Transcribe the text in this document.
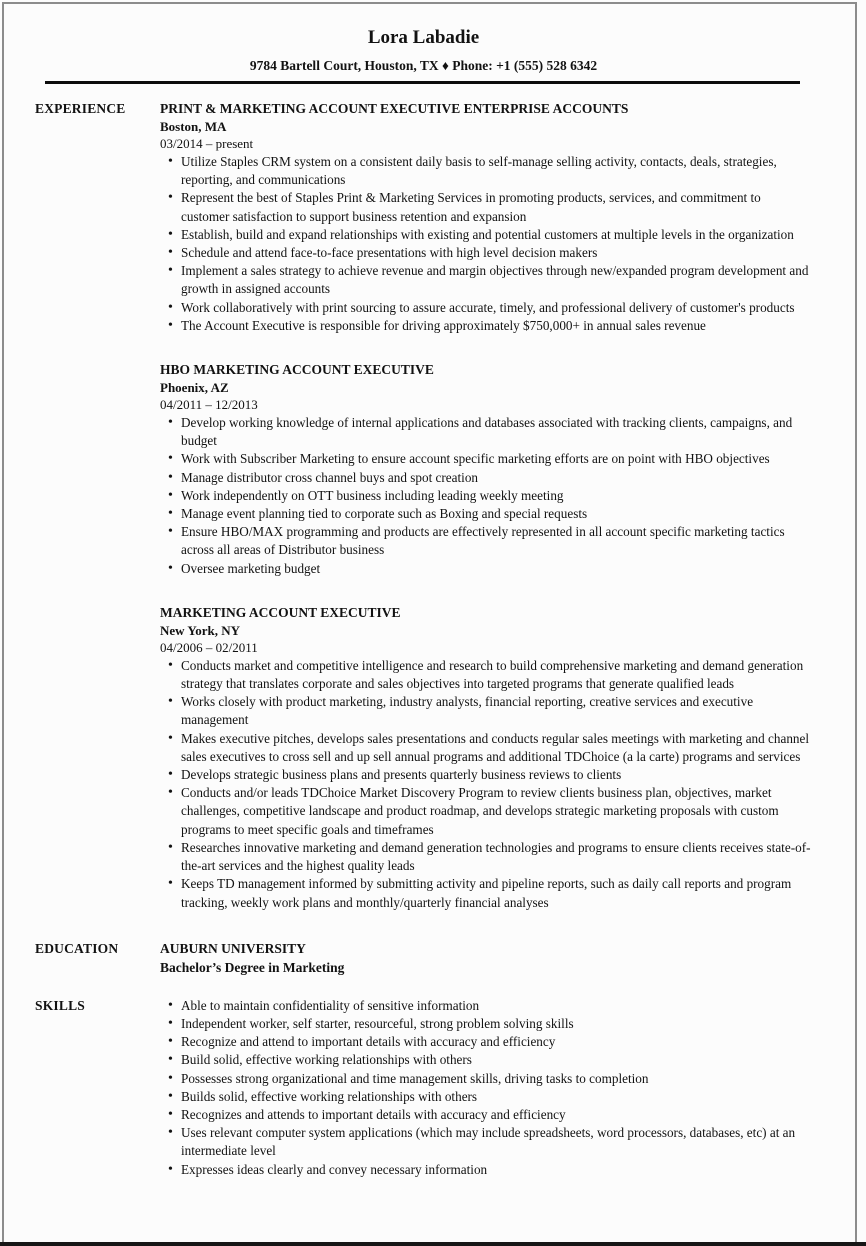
Lora Labadie
9784 Bartell Court, Houston, TX ♦ Phone: +1 (555) 528 6342
EXPERIENCE	PRINT & MARKETING ACCOUNT EXECUTIVE ENTERPRISE ACCOUNTS
Boston, MA
03/2014 – present
• Utilize Staples CRM system on a consistent daily basis to self-manage selling activity, contacts, deals, strategies, reporting, and communications
• Represent the best of Staples Print & Marketing Services in promoting products, services, and commitment to customer satisfaction to support business retention and expansion
• Establish, build and expand relationships with existing and potential customers at multiple levels in the organization
• Schedule and attend face-to-face presentations with high level decision makers
• Implement a sales strategy to achieve revenue and margin objectives through new/expanded program development and growth in assigned accounts
• Work collaboratively with print sourcing to assure accurate, timely, and professional delivery of customer's products
• The Account Executive is responsible for driving approximately $750,000+ in annual sales revenue
HBO MARKETING ACCOUNT EXECUTIVE
Phoenix, AZ
04/2011 – 12/2013
• Develop working knowledge of internal applications and databases associated with tracking clients, campaigns, and budget
• Work with Subscriber Marketing to ensure account specific marketing efforts are on point with HBO objectives
• Manage distributor cross channel buys and spot creation
• Work independently on OTT business including leading weekly meeting
• Manage event planning tied to corporate such as Boxing and special requests
• Ensure HBO/MAX programming and products are effectively represented in all account specific marketing tactics across all areas of Distributor business
• Oversee marketing budget
MARKETING ACCOUNT EXECUTIVE
New York, NY
04/2006 – 02/2011
• Conducts market and competitive intelligence and research to build comprehensive marketing and demand generation strategy that translates corporate and sales objectives into targeted programs that generate qualified leads
• Works closely with product marketing, industry analysts, financial reporting, creative services and executive management
• Makes executive pitches, develops sales presentations and conducts regular sales meetings with marketing and channel sales executives to cross sell and up sell annual programs and additional TDChoice (a la carte) programs and services
• Develops strategic business plans and presents quarterly business reviews to clients
• Conducts and/or leads TDChoice Market Discovery Program to review clients business plan, objectives, market challenges, competitive landscape and product roadmap, and develops strategic marketing proposals with custom programs to meet specific goals and timeframes
• Researches innovative marketing and demand generation technologies and programs to ensure clients receives state-of-the-art services and the highest quality leads
• Keeps TD management informed by submitting activity and pipeline reports, such as daily call reports and program tracking, weekly work plans and monthly/quarterly financial analyses
EDUCATION	AUBURN UNIVERSITY
Bachelor’s Degree in Marketing
SKILLS	• Able to maintain confidentiality of sensitive information
• Independent worker, self starter, resourceful, strong problem solving skills
• Recognize and attend to important details with accuracy and efficiency
• Build solid, effective working relationships with others
• Possesses strong organizational and time management skills, driving tasks to completion
• Builds solid, effective working relationships with others
• Recognizes and attends to important details with accuracy and efficiency
• Uses relevant computer system applications (which may include spreadsheets, word processors, databases, etc) at an intermediate level
• Expresses ideas clearly and convey necessary information
